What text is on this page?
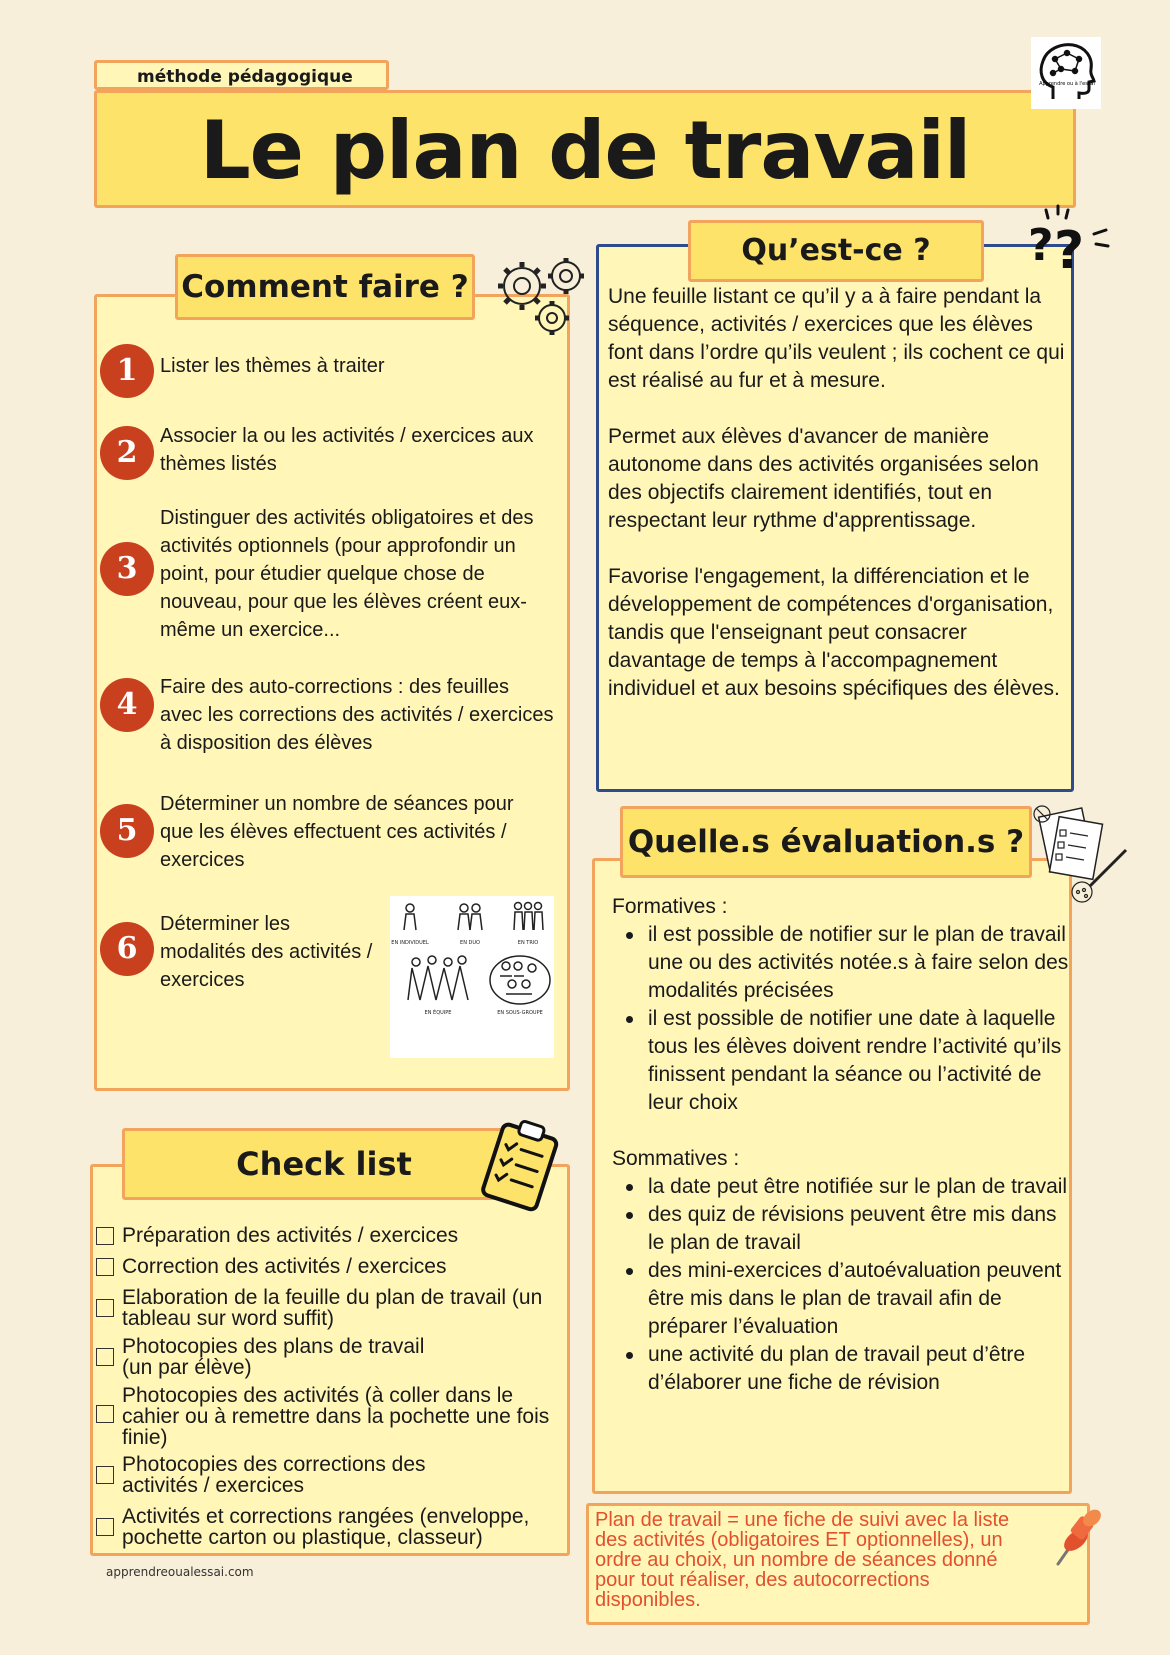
méthode pédagogique
Le plan de travail
Apprendre ou à l'essai
Comment faire ?
1	Lister les thèmes à traiter
2	Associer la ou les activités / exercices aux thèmes listés
3
Distinguer des activités obligatoires et des activités optionnels (pour approfondir un point, pour étudier quelque chose de nouveau, pour que les élèves créent eux-même un exercice...
4	Faire des auto-corrections : des feuilles avec les corrections des activités / exercices à disposition des élèves
5
Déterminer un nombre de séances pour que les élèves effectuent ces activités / exercices
6
Déterminer les modalités des activités / exercices
EN INDIVIDUEL	EN DUO	EN TRIO
EN ÉQUIPE	EN SOUS-GROUPE
Qu’est-ce ?	? ?

Une feuille listant ce qu’il y a à faire pendant la séquence, activités / exercices que les élèves font dans l’ordre qu’ils veulent ; ils cochent ce qui est réalisé au fur et à mesure.

Permet aux élèves d'avancer de manière autonome dans des activités organisées selon des objectifs clairement identifiés, tout en respectant leur rythme d'apprentissage.

Favorise l'engagement, la différenciation et le développement de compétences d'organisation, tandis que l'enseignant peut consacrer davantage de temps à l'accompagnement individuel et aux besoins spécifiques des élèves.

Quelle.s évaluation.s ?
Formatives :
il est possible de notifier sur le plan de travail une ou des activités notée.s à faire selon des modalités précisées
il est possible de notifier une date à laquelle tous les élèves doivent rendre l’activité qu’ils finissent pendant la séance ou l’activité de leur choix
Sommatives :
la date peut être notifiée sur le plan de travail
des quiz de révisions peuvent être mis dans le plan de travail
des mini-exercices d’autoévaluation peuvent être mis dans le plan de travail afin de préparer l’évaluation
une activité du plan de travail peut d’être d’élaborer une fiche de révision
Check list
Préparation des activités / exercices
Correction des activités / exercices
Elaboration de la feuille du plan de travail (un tableau sur word suffit)
Photocopies des plans de travail (un par élève)
Photocopies des activités (à coller dans le cahier ou à remettre dans la pochette une fois finie)
Photocopies des corrections des activités / exercices
Activités et corrections rangées (enveloppe, pochette carton ou plastique, classeur)
apprendreoualessai.com
Plan de travail = une fiche de suivi avec la liste des activités (obligatoires ET optionnelles), un ordre au choix, un nombre de séances donné pour tout réaliser, des autocorrections disponibles.
